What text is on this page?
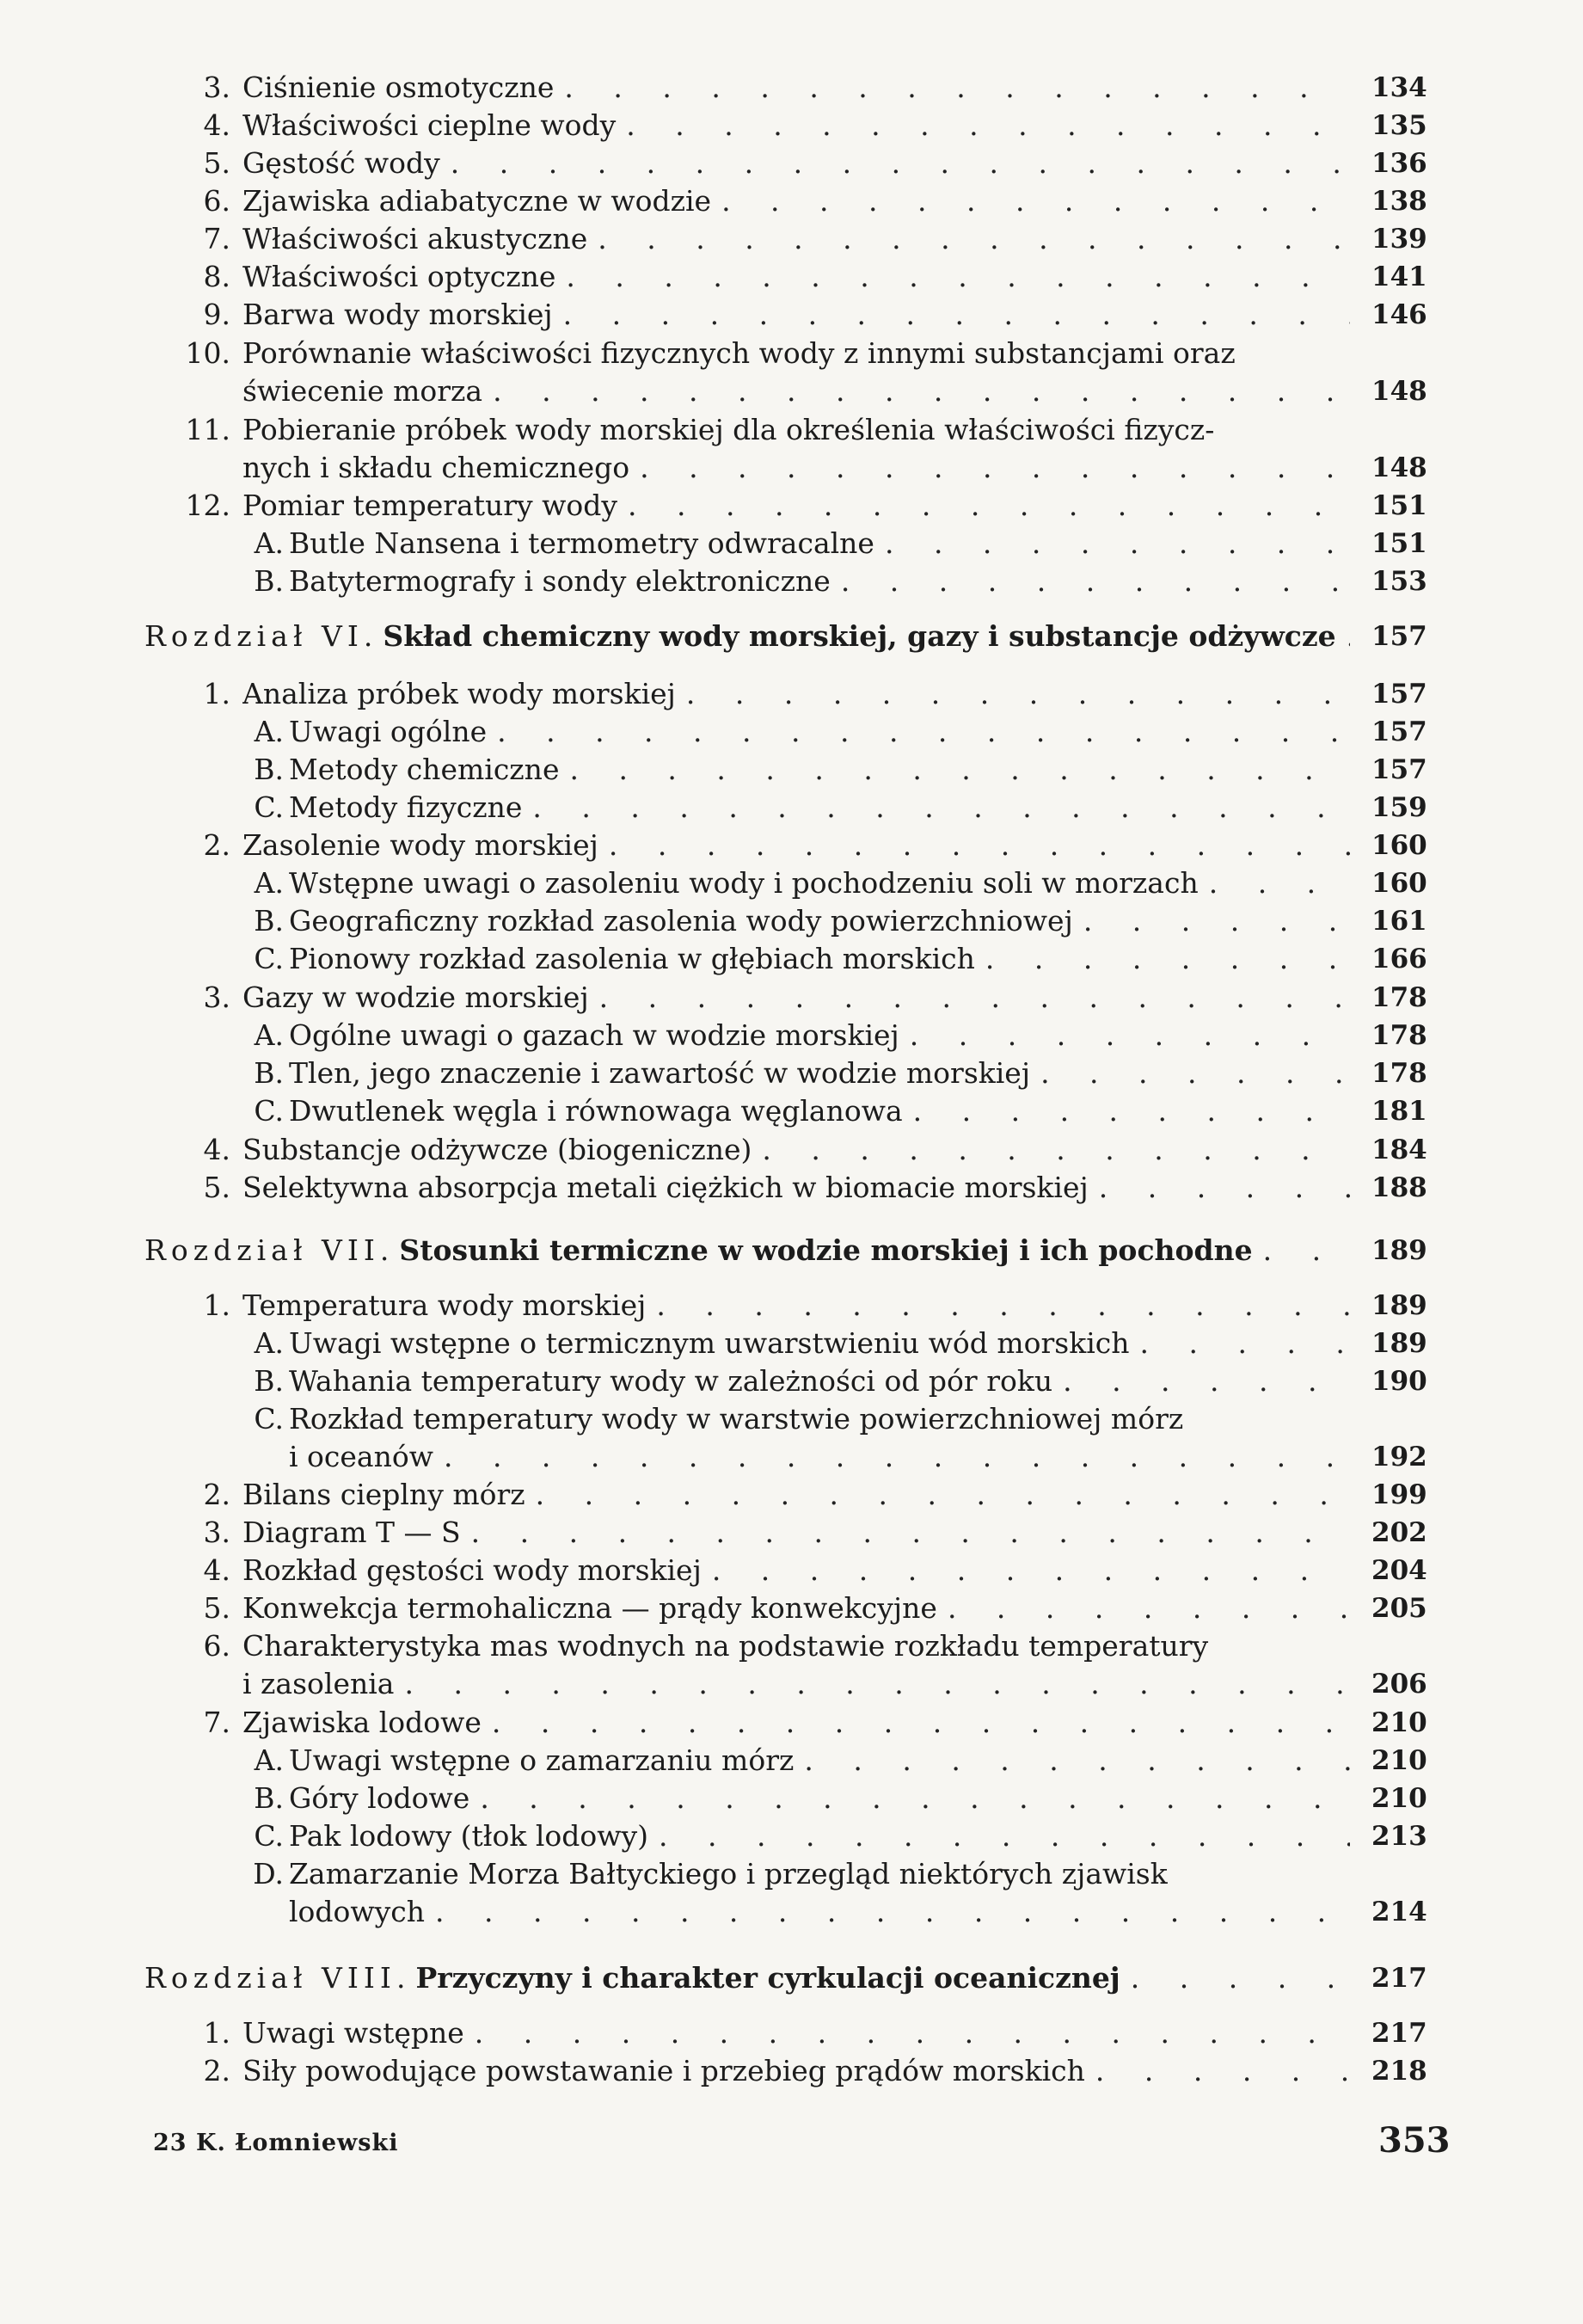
3. Ciśnienie osmotyczne . . .	134
4. Właściwości cieplne wody . . .	135
5. Gęstość wody . . .	136
6. Zjawiska adiabatyczne w wodzie . . .	138
7. Właściwości akustyczne . . .	139
8. Właściwości optyczne . . .	141
9. Barwa wody morskiej . . .	146
10. Porównanie właściwości fizycznych wody z innymi substancjami oraz
świecenie morza . . .	148
11. Pobieranie próbek wody morskiej dla określenia właściwości fizycz-
nych i składu chemicznego . . .	148
12. Pomiar temperatury wody . . .	151
A. Butle Nansena i termometry odwracalne . . .	151
B. Batytermografy i sondy elektroniczne . . .	153
Rozdział VI. Skład chemiczny wody morskiej, gazy i substancje odżywcze . . . 157
1. Analiza próbek wody morskiej . . .	157
A. Uwagi ogólne . . .	157
B. Metody chemiczne . . .	157
C. Metody fizyczne . . .	159
2. Zasolenie wody morskiej . . .	160
A. Wstępne uwagi o zasoleniu wody i pochodzeniu soli w morzach . . .	160
B. Geograficzny rozkład zasolenia wody powierzchniowej . . .	161
C. Pionowy rozkład zasolenia w głębiach morskich . . .	166
3. Gazy w wodzie morskiej . . .	178
A. Ogólne uwagi o gazach w wodzie morskiej . . .	178
B. Tlen, jego znaczenie i zawartość w wodzie morskiej . . .	178
C. Dwutlenek węgla i równowaga węglanowa . . .	181
4. Substancje odżywcze (biogeniczne) . . .	184
5. Selektywna absorpcja metali ciężkich w biomacie morskiej . . .	188
Rozdział VII. Stosunki termiczne w wodzie morskiej i ich pochodne . . .	189
1. Temperatura wody morskiej . . .	189
A. Uwagi wstępne o termicznym uwarstwieniu wód morskich . . .	189
B. Wahania temperatury wody w zależności od pór roku . . .	190
C. Rozkład temperatury wody w warstwie powierzchniowej mórz
i oceanów . . .	192
2. Bilans cieplny mórz . . .	199
3. Diagram T — S . . .	202
4. Rozkład gęstości wody morskiej . . .	204
5. Konwekcja termohaliczna — prądy konwekcyjne . . .	205
6. Charakterystyka mas wodnych na podstawie rozkładu temperatury
i zasolenia . . .	206
7. Zjawiska lodowe . . .	210
A. Uwagi wstępne o zamarzaniu mórz . . .	210
B. Góry lodowe . . .	210
C. Pak lodowy (tłok lodowy) . . .	213
D. Zamarzanie Morza Bałtyckiego i przegląd niektórych zjawisk
lodowych . . .	214
Rozdział VIII. Przyczyny i charakter cyrkulacji oceanicznej . . .	217
1. Uwagi wstępne . . .	217
2. Siły powodujące powstawanie i przebieg prądów morskich . . .	218
23 K. Łomniewski	353
